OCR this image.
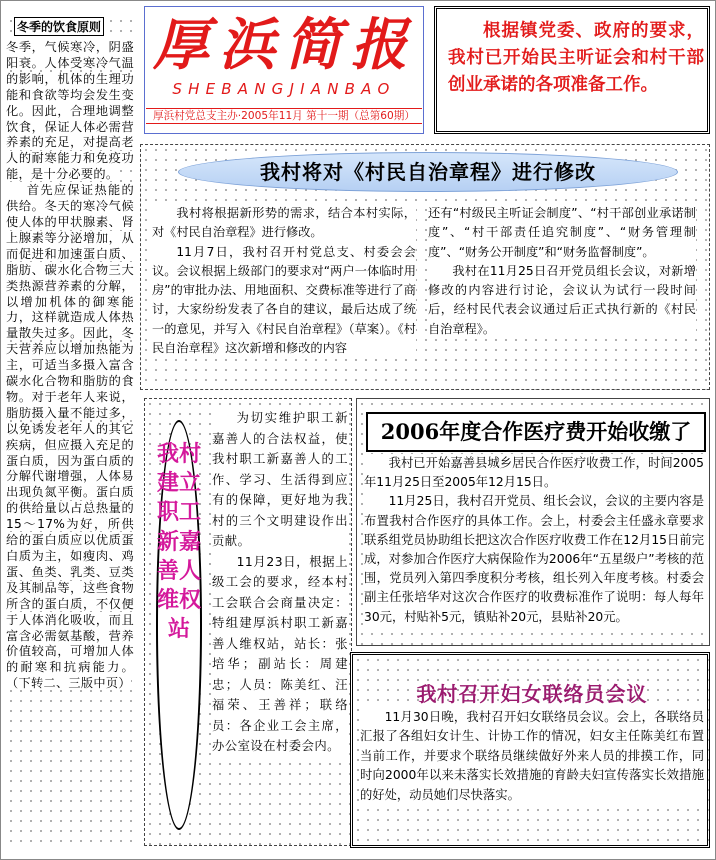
冬季的饮食原则
冬季，气候寒冷，阴盛阳衰。人体受寒冷气温的影响，机体的生理功能和食欲等均会发生变化。因此，合理地调整饮食，保证人体必需营养素的充足，对提高老人的耐寒能力和免疫功能，是十分必要的。
首先应保证热能的供给。冬天的寒冷气候使人体的甲状腺素、肾上腺素等分泌增加，从而促进和加速蛋白质、脂肪、碳水化合物三大类热源营养素的分解，以增加机体的御寒能力，这样就造成人体热量散失过多。因此，冬天营养应以增加热能为主，可适当多摄入富含碳水化合物和脂肪的食物。对于老年人来说，脂肪摄入量不能过多，以免诱发老年人的其它疾病，但应摄入充足的蛋白质，因为蛋白质的分解代谢增强，人体易出现负氮平衡。蛋白质的供给量以占总热量的15～17%为好，所供给的蛋白质应以优质蛋白质为主，如瘦肉、鸡蛋、鱼类、乳类、豆类及其制品等，这些食物所含的蛋白质，不仅便于人体消化吸收，而且富含必需氨基酸，营养价值较高，可增加人体的耐寒和抗病能力。（下转二、三版中页）
厚浜简报
SHEBANGJIANBAO
厚浜村党总支主办·2005年11月 第十一期（总第60期）
根据镇党委、政府的要求，我村已开始民主听证会和村干部创业承诺的各项准备工作。
我村将对《村民自治章程》进行修改

我村将根据新形势的需求，结合本村实际，对《村民自治章程》进行修改。

11月7日，我村召开村党总支、村委会会议。会议根据上级部门的要求对“两户一体临时用房”的审批办法、用地面积、交费标准等进行了商讨，大家纷纷发表了各自的建议，最后达成了统一的意见，并写入《村民自治章程》（草案）。《村民自治章程》这次新增和修改的内容

还有“村级民主听证会制度”、“村干部创业承诺制度”、“村干部责任追究制度”、“财务管理制度”、“财务公开制度”和“财务监督制度”。

我村在11月25日召开党员组长会议，对新增修改的内容进行讨论，会议认为试行一段时间后，经村民代表会议通过后正式执行新的《村民自治章程》。

我村建立职工新嘉善人维权站

为切实维护职工新嘉善人的合法权益，使我村职工新嘉善人的工作、学习、生活得到应有的保障，更好地为我村的三个文明建设作出贡献。

11月23日，根据上级工会的要求，经本村工会联合会商量决定：特组建厚浜村职工新嘉善人维权站，站长：张培华；副站长：周建忠；人员：陈美红、汪福荣、王善祥；联络员：各企业工会主席，办公室设在村委会内。

2006年度合作医疗费开始收缴了

我村已开始嘉善县城乡居民合作医疗收费工作，时间2005年11月25日至2005年12月15日。

11月25日，我村召开党员、组长会议，会议的主要内容是布置我村合作医疗的具体工作。会上，村委会主任盛永章要求联系组党员协助组长把这次合作医疗收费工作在12月15日前完成，对参加合作医疗大病保险作为2006年“五星级户”考核的范围，党员列入第四季度积分考核，组长列入年度考核。村委会副主任张培华对这次合作医疗的收费标准作了说明：每人每年30元，村贴补5元，镇贴补20元，县贴补20元。

我村召开妇女联络员会议

11月30日晚，我村召开妇女联络员会议。会上，各联络员汇报了各组妇女计生、计协工作的情况，妇女主任陈美红布置当前工作，并要求个联络员继续做好外来人员的排摸工作，同时向2000年以来未落实长效措施的育龄夫妇宣传落实长效措施的好处，动员她们尽快落实。
